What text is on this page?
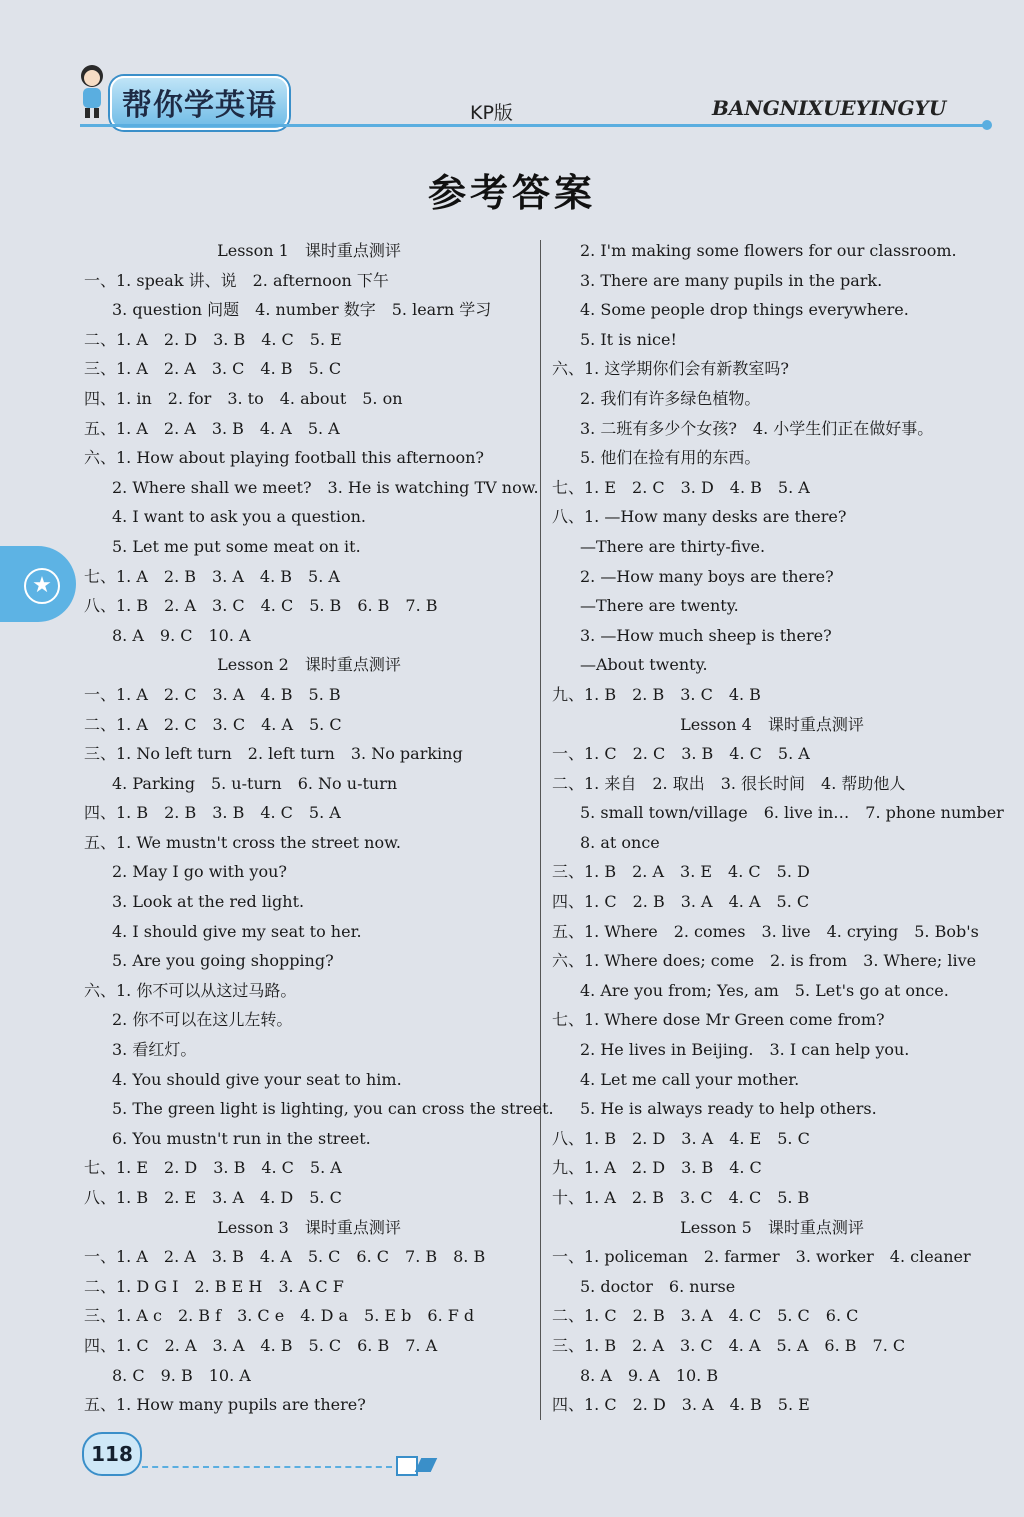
帮你学英语	KP版	BANGNIXUEYINGYU
参考答案
★
Lesson 1　课时重点测评
一、1. speak 讲、说　2. afternoon 下午
3. question 问题　4. number 数字　5. learn 学习
二、1. A　2. D　3. B　4. C　5. E
三、1. A　2. A　3. C　4. B　5. C
四、1. in　2. for　3. to　4. about　5. on
五、1. A　2. A　3. B　4. A　5. A
六、1. How about playing football this afternoon?
2. Where shall we meet?　3. He is watching TV now.
4. I want to ask you a question.
5. Let me put some meat on it.
七、1. A　2. B　3. A　4. B　5. A
八、1. B　2. A　3. C　4. C　5. B　6. B　7. B
8. A　9. C　10. A
Lesson 2　课时重点测评
一、1. A　2. C　3. A　4. B　5. B
二、1. A　2. C　3. C　4. A　5. C
三、1. No left turn　2. left turn　3. No parking
4. Parking　5. u-turn　6. No u-turn
四、1. B　2. B　3. B　4. C　5. A
五、1. We mustn't cross the street now.
2. May I go with you?
3. Look at the red light.
4. I should give my seat to her.
5. Are you going shopping?
六、1. 你不可以从这过马路。
2. 你不可以在这儿左转。
3. 看红灯。
4. You should give your seat to him.
5. The green light is lighting, you can cross the street.
6. You mustn't run in the street.
七、1. E　2. D　3. B　4. C　5. A
八、1. B　2. E　3. A　4. D　5. C
Lesson 3　课时重点测评
一、1. A　2. A　3. B　4. A　5. C　6. C　7. B　8. B
二、1. D G I　2. B E H　3. A C F
三、1. A c　2. B f　3. C e　4. D a　5. E b　6. F d
四、1. C　2. A　3. A　4. B　5. C　6. B　7. A
8. C　9. B　10. A
五、1. How many pupils are there?
2. I'm making some flowers for our classroom.
3. There are many pupils in the park.
4. Some people drop things everywhere.
5. It is nice!
六、1. 这学期你们会有新教室吗?
2. 我们有许多绿色植物。
3. 二班有多少个女孩?　4. 小学生们正在做好事。
5. 他们在捡有用的东西。
七、1. E　2. C　3. D　4. B　5. A
八、1. —How many desks are there?
—There are thirty-five.
2. —How many boys are there?
—There are twenty.
3. —How much sheep is there?
—About twenty.
九、1. B　2. B　3. C　4. B
Lesson 4　课时重点测评
一、1. C　2. C　3. B　4. C　5. A
二、1. 来自　2. 取出　3. 很长时间　4. 帮助他人
5. small town/village　6. live in…　7. phone number
8. at once
三、1. B　2. A　3. E　4. C　5. D
四、1. C　2. B　3. A　4. A　5. C
五、1. Where　2. comes　3. live　4. crying　5. Bob's
六、1. Where does; come　2. is from　3. Where; live
4. Are you from; Yes, am　5. Let's go at once.
七、1. Where dose Mr Green come from?
2. He lives in Beijing.　3. I can help you.
4. Let me call your mother.
5. He is always ready to help others.
八、1. B　2. D　3. A　4. E　5. C
九、1. A　2. D　3. B　4. C
十、1. A　2. B　3. C　4. C　5. B
Lesson 5　课时重点测评
一、1. policeman　2. farmer　3. worker　4. cleaner
5. doctor　6. nurse
二、1. C　2. B　3. A　4. C　5. C　6. C
三、1. B　2. A　3. C　4. A　5. A　6. B　7. C
8. A　9. A　10. B
四、1. C　2. D　3. A　4. B　5. E
118
